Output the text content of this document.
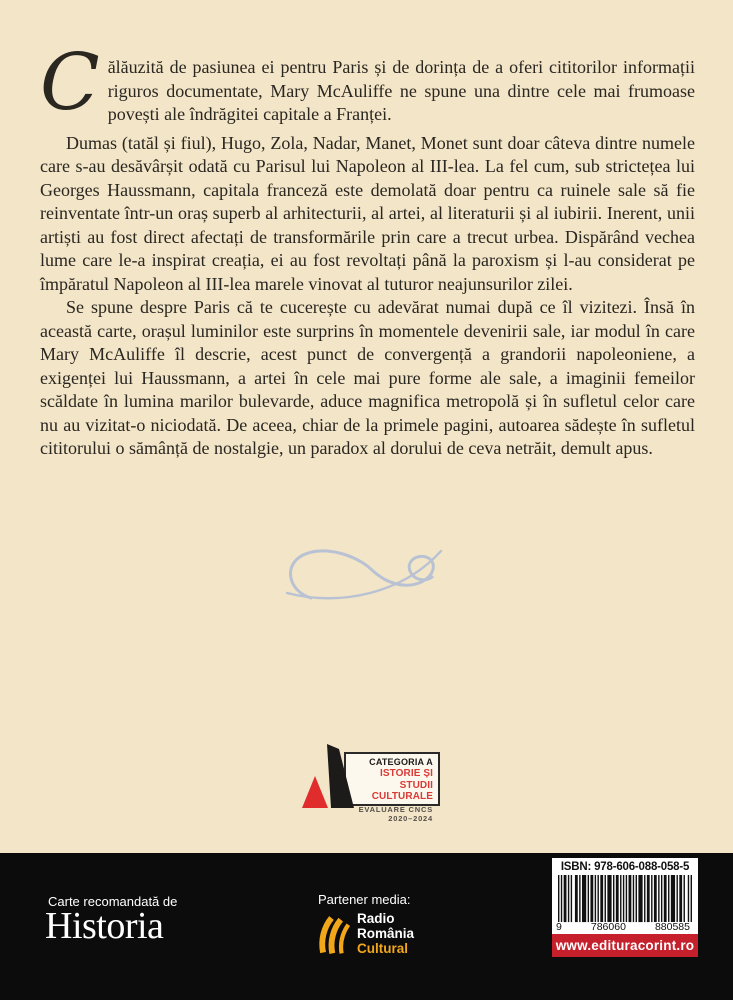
Călăuzită de pasiunea ei pentru Paris și de dorința de a oferi cititorilor informații riguros documentate, Mary McAuliffe ne spune una dintre cele mai frumoase povești ale îndrăgitei capitale a Franței.

Dumas (tatăl și fiul), Hugo, Zola, Nadar, Manet, Monet sunt doar câteva dintre numele care s-au desăvârșit odată cu Parisul lui Napoleon al III-lea. La fel cum, sub strictețea lui Georges Haussmann, capitala franceză este demolată doar pentru ca ruinele sale să fie reinventate într-un oraș superb al arhitecturii, al artei, al literaturii și al iubirii. Inerent, unii artiști au fost direct afectați de transformările prin care a trecut urbea. Dispărând vechea lume care le-a inspirat creația, ei au fost revoltați până la paroxism și l-au considerat pe împăratul Napoleon al III-lea marele vinovat al tuturor neajunsurilor zilei.

Se spune despre Paris că te cucerește cu adevărat numai după ce îl vizitezi. Însă în această carte, orașul luminilor este surprins în momentele devenirii sale, iar modul în care Mary McAuliffe îl descrie, acest punct de convergență a grandorii napoleoniene, a exigenței lui Haussmann, a artei în cele mai pure forme ale sale, a imaginii femeilor scăldate în lumina marilor bulevarde, aduce magnifica metropolă și în sufletul celor care nu au vizitat-o niciodată. De aceea, chiar de la primele pagini, autoarea sădește în sufletul cititorului o sămânță de nostalgie, un paradox al dorului de ceva netrăit, demult apus.

CATEGORIA A
ISTORIE ȘI STUDII
CULTURALE
EVALUARE CNCS
2020–2024
Carte recomandată de
Historia
Partener media:
Radio
România
Cultural
ISBN: 978-606-088-058-5
9	786060	880585
www.edituracorint.ro
